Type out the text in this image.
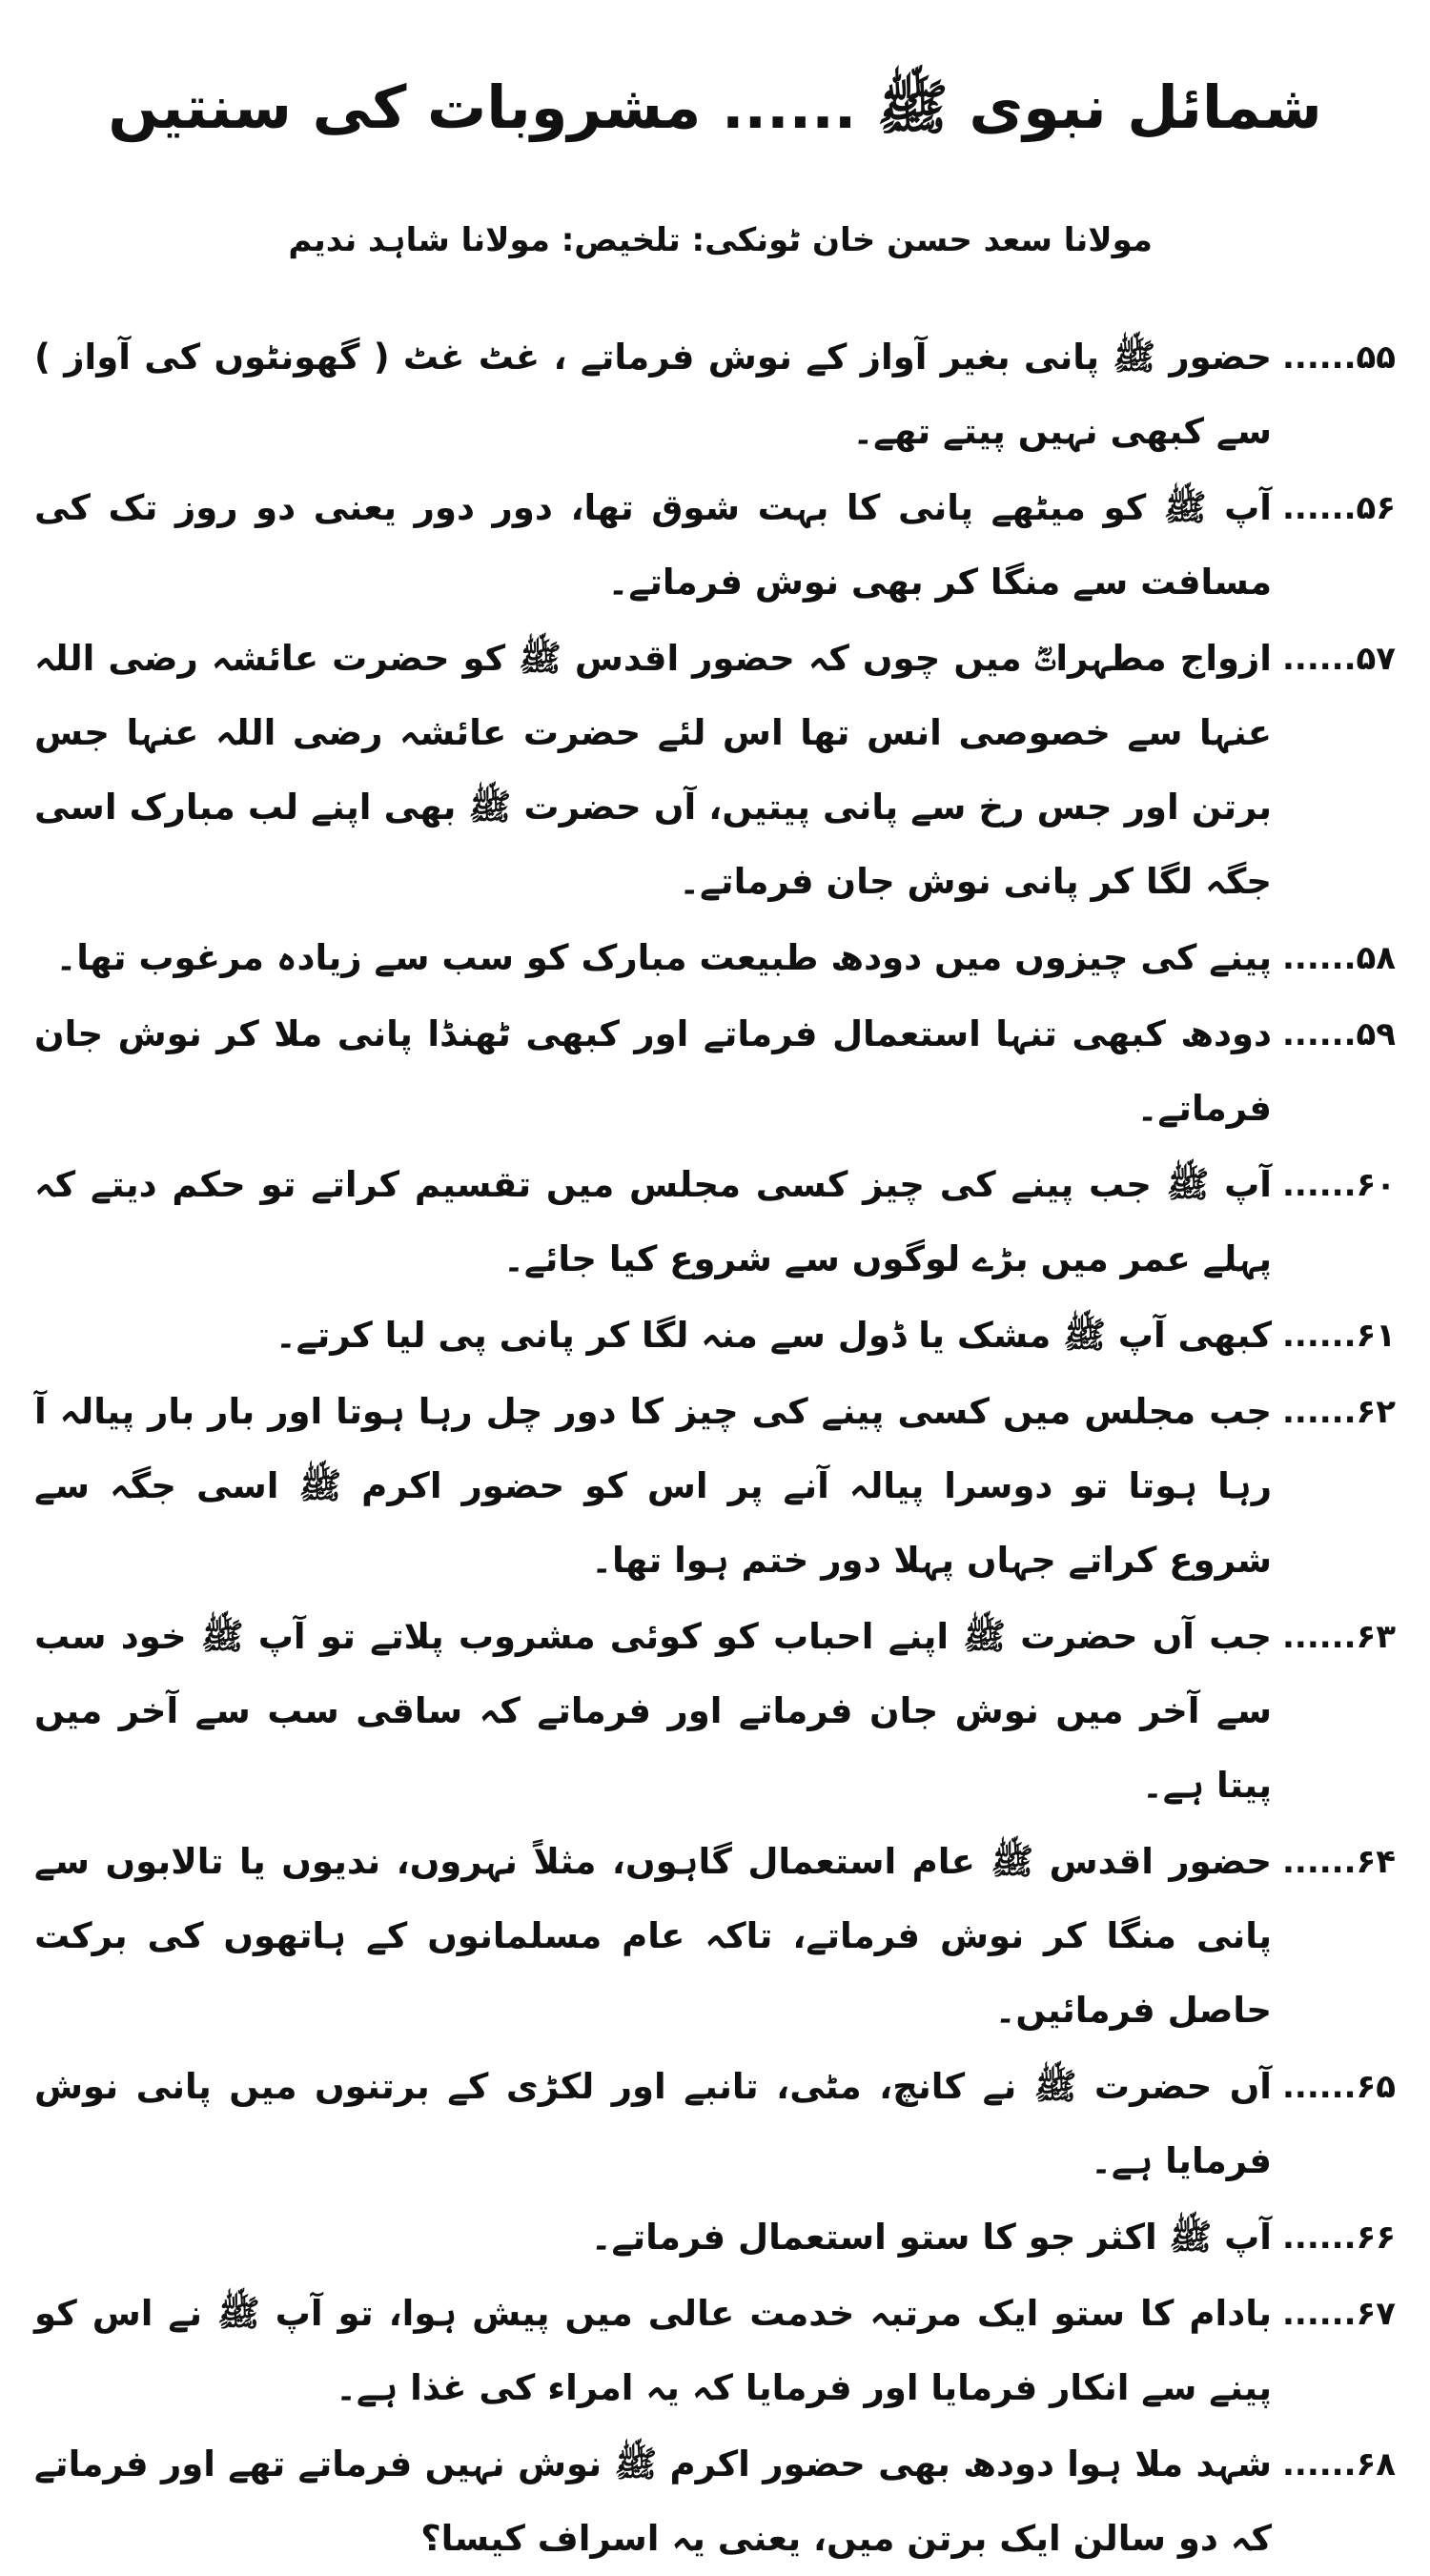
شمائل نبوی ﷺ ...... مشروبات کی سنتیں
مولانا سعد حسن خان ٹونکی: تلخیص: مولانا شاہد ندیم
۵۵......
حضور ﷺ پانی بغیر آواز کے نوش فرماتے ، غٹ غٹ ( گھونٹوں کی آواز ) سے کبھی نہیں پیتے تھے۔
۵۶......
آپ ﷺ کو میٹھے پانی کا بہت شوق تھا، دور دور یعنی دو روز تک کی مسافت سے منگا کر بھی نوش فرماتے۔
۵۷......
ازواج مطہراتؓ میں چوں کہ حضور اقدس ﷺ کو حضرت عائشہ رضی اللہ عنہا سے خصوصی انس تھا اس لئے حضرت عائشہ رضی اللہ عنہا جس برتن اور جس رخ سے پانی پیتیں، آں حضرت ﷺ بھی اپنے لب مبارک اسی جگہ لگا کر پانی نوش جان فرماتے۔
۵۸......
پینے کی چیزوں میں دودھ طبیعت مبارک کو سب سے زیادہ مرغوب تھا۔
۵۹......
دودھ کبھی تنہا استعمال فرماتے اور کبھی ٹھنڈا پانی ملا کر نوش جان فرماتے۔
۶۰......
آپ ﷺ جب پینے کی چیز کسی مجلس میں تقسیم کراتے تو حکم دیتے کہ پہلے عمر میں بڑے لوگوں سے شروع کیا جائے۔
۶۱......
کبھی آپ ﷺ مشک یا ڈول سے منہ لگا کر پانی پی لیا کرتے۔
۶۲......
جب مجلس میں کسی پینے کی چیز کا دور چل رہا ہوتا اور بار بار پیالہ آ رہا ہوتا تو دوسرا پیالہ آنے پر اس کو حضور اکرم ﷺ اسی جگہ سے شروع کراتے جہاں پہلا دور ختم ہوا تھا۔
۶۳......
جب آں حضرت ﷺ اپنے احباب کو کوئی مشروب پلاتے تو آپ ﷺ خود سب سے آخر میں نوش جان فرماتے اور فرماتے کہ ساقی سب سے آخر میں پیتا ہے۔
۶۴......
حضور اقدس ﷺ عام استعمال گاہوں، مثلاً نہروں، ندیوں یا تالابوں سے پانی منگا کر نوش فرماتے، تاکہ عام مسلمانوں کے ہاتھوں کی برکت حاصل فرمائیں۔
۶۵......
آں حضرت ﷺ نے کانچ، مٹی، تانبے اور لکڑی کے برتنوں میں پانی نوش فرمایا ہے۔
۶۶......
آپ ﷺ اکثر جو کا ستو استعمال فرماتے۔
۶۷......
بادام کا ستو ایک مرتبہ خدمت عالی میں پیش ہوا، تو آپ ﷺ نے اس کو پینے سے انکار فرمایا اور فرمایا کہ یہ امراء کی غذا ہے۔
۶۸......
شہد ملا ہوا دودھ بھی حضور اکرم ﷺ نوش نہیں فرماتے تھے اور فرماتے کہ دو سالن ایک برتن میں، یعنی یہ اسراف کیسا؟
